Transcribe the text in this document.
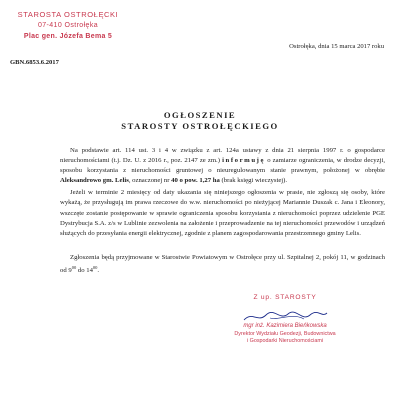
STAROSTA OSTROŁĘCKI
07-410 Ostrołęka
Plac gen. Józefa Bema 5
Ostrołęka, dnia 15 marca 2017 roku
GBN.6853.6.2017
OGŁOSZENIE
STAROSTY OSTROŁĘCKIEGO

Na podstawie art. 114 ust. 3 i 4 w związku z art. 124a ustawy z dnia 21 sierpnia 1997 r. o gospodarce nieruchomościami (t.j. Dz. U. z 2016 r., poz. 2147 ze zm.) informuję o zamiarze ograniczenia, w drodze decyzji, sposobu korzystania z nieruchomości gruntowej o nieuregulowanym stanie prawnym, położonej w obrębie Aleksandrowo gm. Lelis, oznaczonej nr 40 o pow. 1,27 ha (brak księgi wieczystej).

Jeżeli w terminie 2 miesięcy od daty ukazania się niniejszego ogłoszenia w prasie, nie zgłoszą się osoby, które wykażą, że przysługują im prawa rzeczowe do w.w. nieruchomości po nieżyjącej Mariannie Duszak c. Jana i Eleonory, wszczęte zostanie postępowanie w sprawie ograniczenia sposobu korzystania z nieruchomości poprzez udzielenie PGE Dystrybucja S.A. z/s w Lublinie zezwolenia na założenie i przeprowadzenie na tej nieruchomości przewodów i urządzeń służących do przesyłania energii elektrycznej, zgodnie z planem zagospodarowania przestrzennego gminy Lelis.

Zgłoszenia będą przyjmowane w Starostwie Powiatowym w Ostrołęce przy ul. Szpitalnej 2, pokój 11, w godzinach od $9^{00}$ do $14^{00}$.

Z up. STAROSTY
mgr inż. Kazimiera Bieńkowska
Dyrektor Wydziału Geodezji, Budownictwa
i Gospodarki Nieruchomościami
